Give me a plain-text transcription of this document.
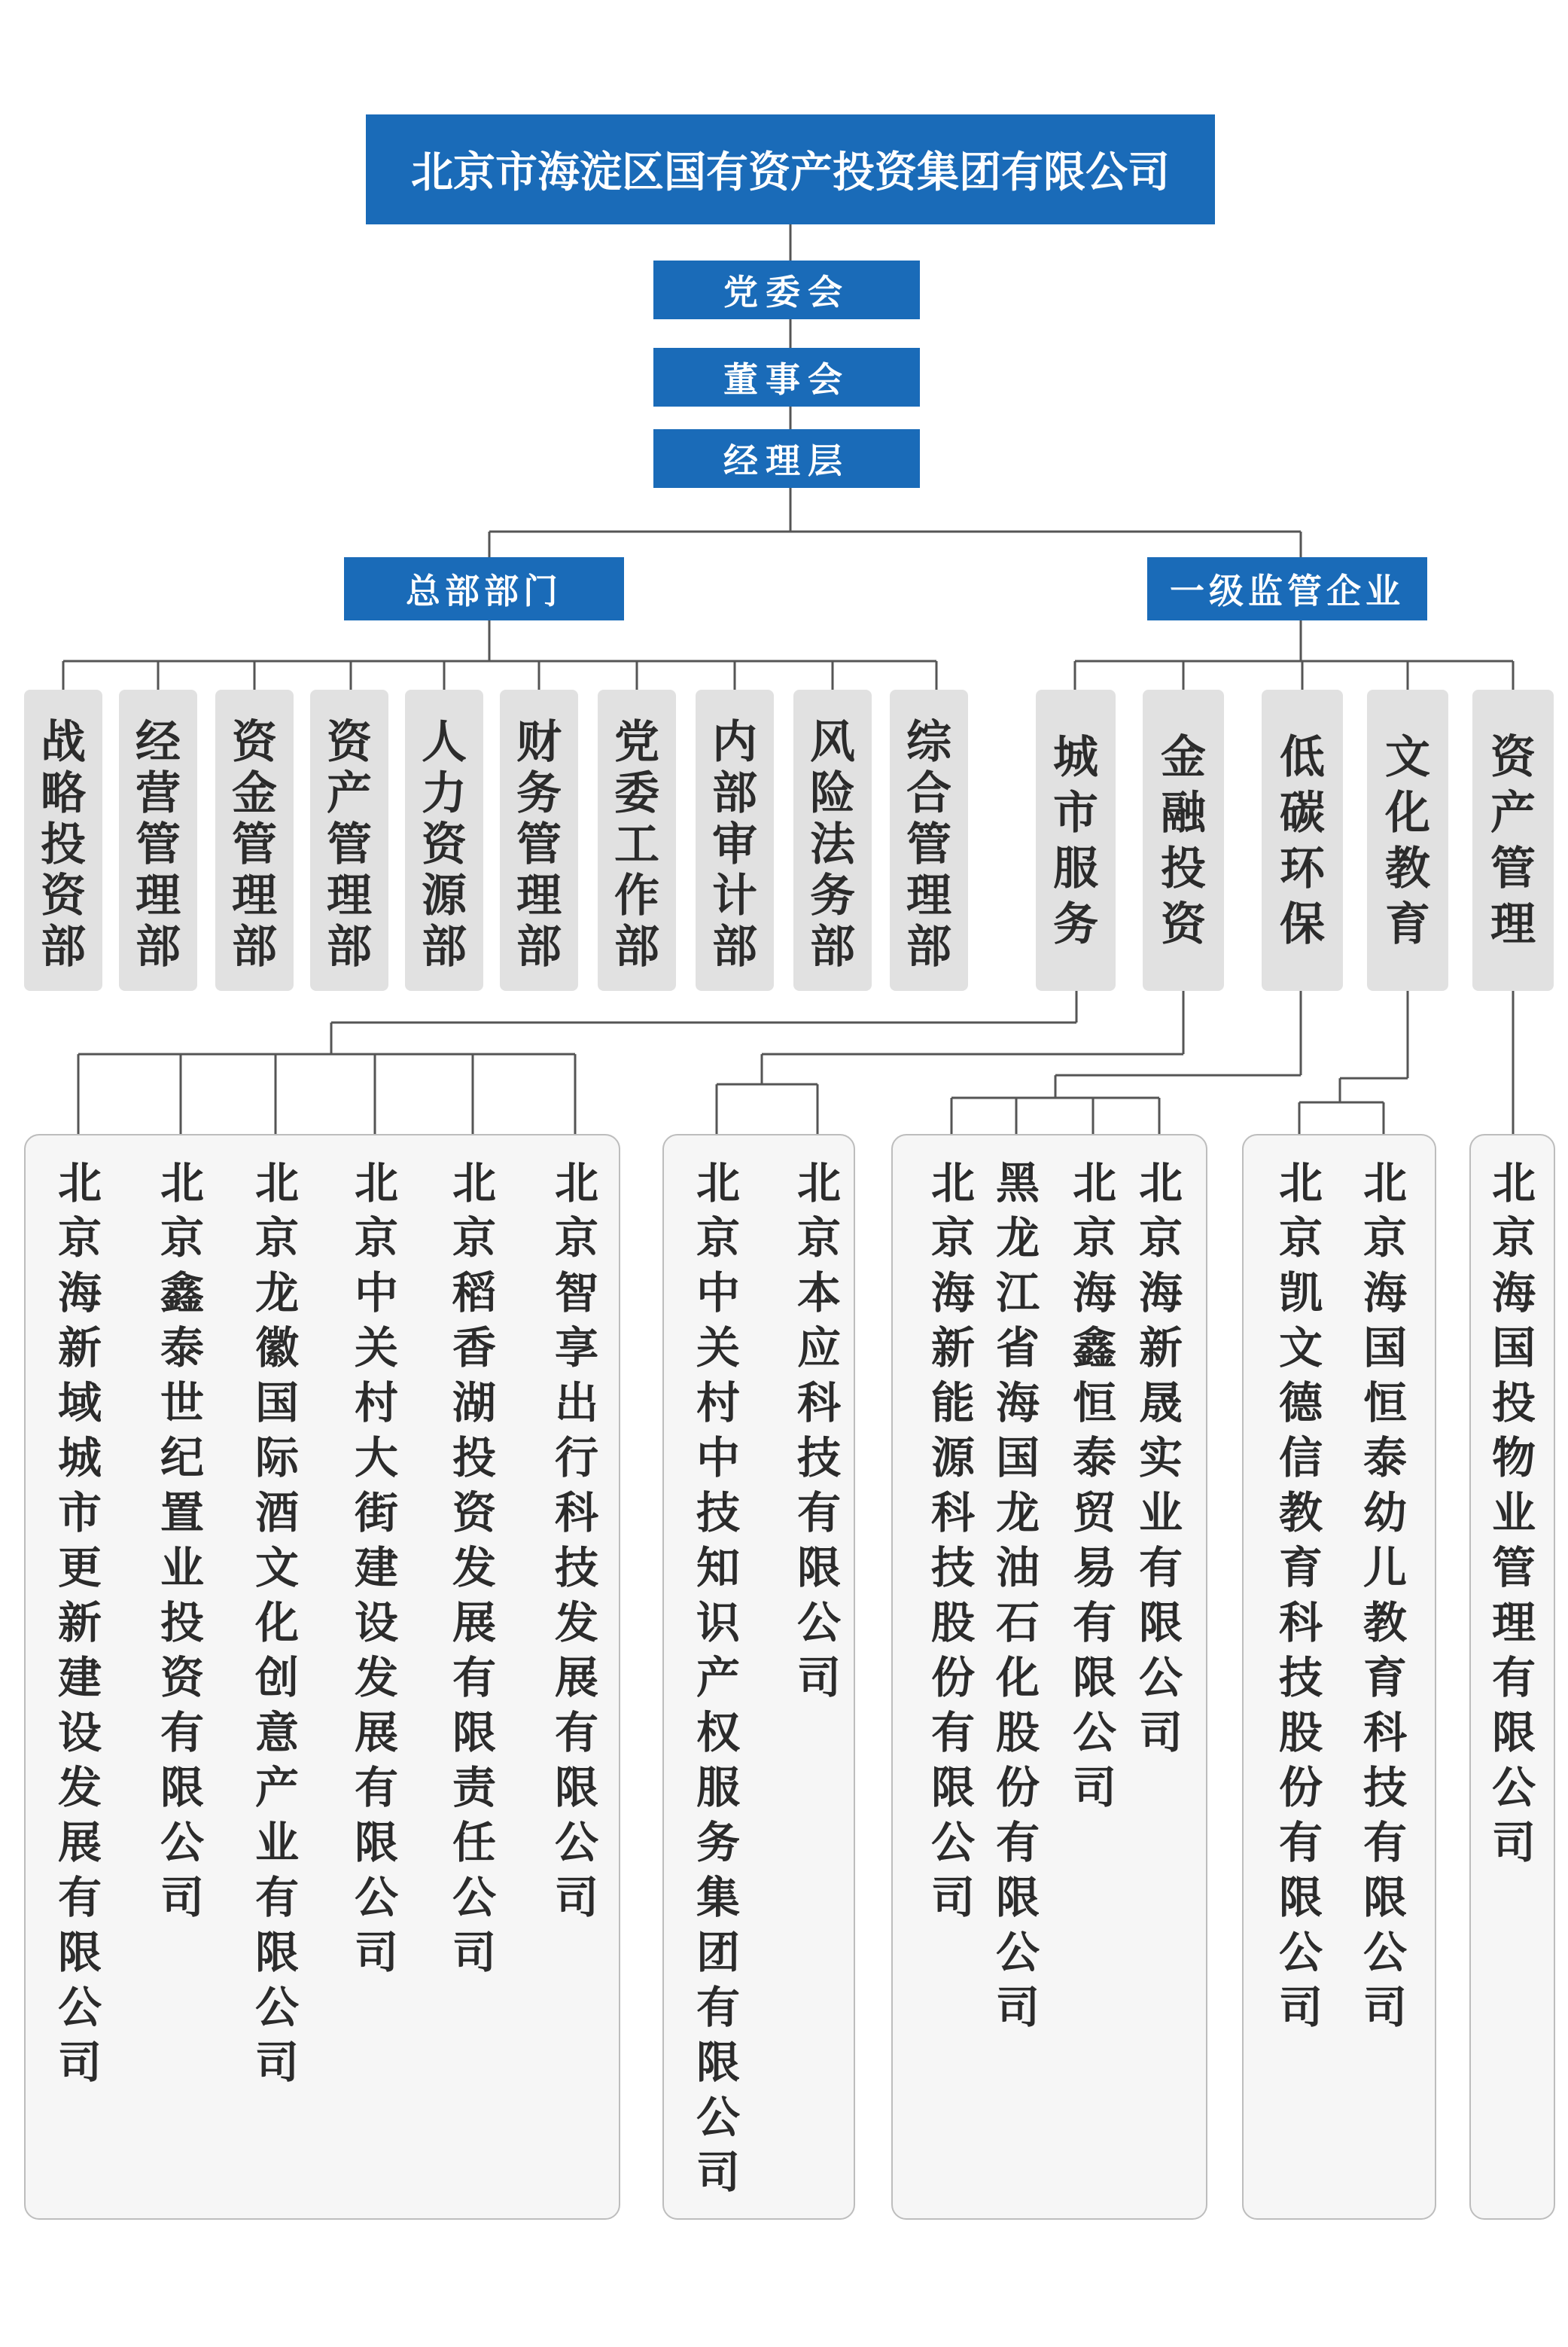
北京市海淀区国有资产投资集团有限公司
党委会
董事会
经理层
总部部门	一级监管企业
战
略
投
资
部
经
营
管
理
部
资
金
管
理
部
资
产
管
理
部
人
力
资
源
部
财
务
管
理
部
党
委
工
作
部
内
部
审
计
部
风
险
法
务
部
综
合
管
理
部
城
市
服
务
金
融
投
资
低
碳
环
保
文
化
教
育
资
产
管
理
北
京
海
新
域
城
市
更
新
建
设
发
展
有
限
公
司
北
京
鑫
泰
世
纪
置
业
投
资
有
限
公
司
北
京
龙
徽
国
际
酒
文
化
创
意
产
业
有
限
公
司
北
京
中
关
村
大
街
建
设
发
展
有
限
公
司
北
京
稻
香
湖
投
资
发
展
有
限
责
任
公
司
北
京
智
享
出
行
科
技
发
展
有
限
公
司
北
京
中
关
村
中
技
知
识
产
权
服
务
集
团
有
限
公
司
北
京
本
应
科
技
有
限
公
司
北
京
海
新
能
源
科
技
股
份
有
限
公
司
黑
龙
江
省
海
国
龙
油
石
化
股
份
有
限
公
司
北
京
海
鑫
恒
泰
贸
易
有
限
公
司
北
京
海
新
晟
实
业
有
限
公
司
北
京
凯
文
德
信
教
育
科
技
股
份
有
限
公
司
北
京
海
国
恒
泰
幼
儿
教
育
科
技
有
限
公
司
北
京
海
国
投
物
业
管
理
有
限
公
司
